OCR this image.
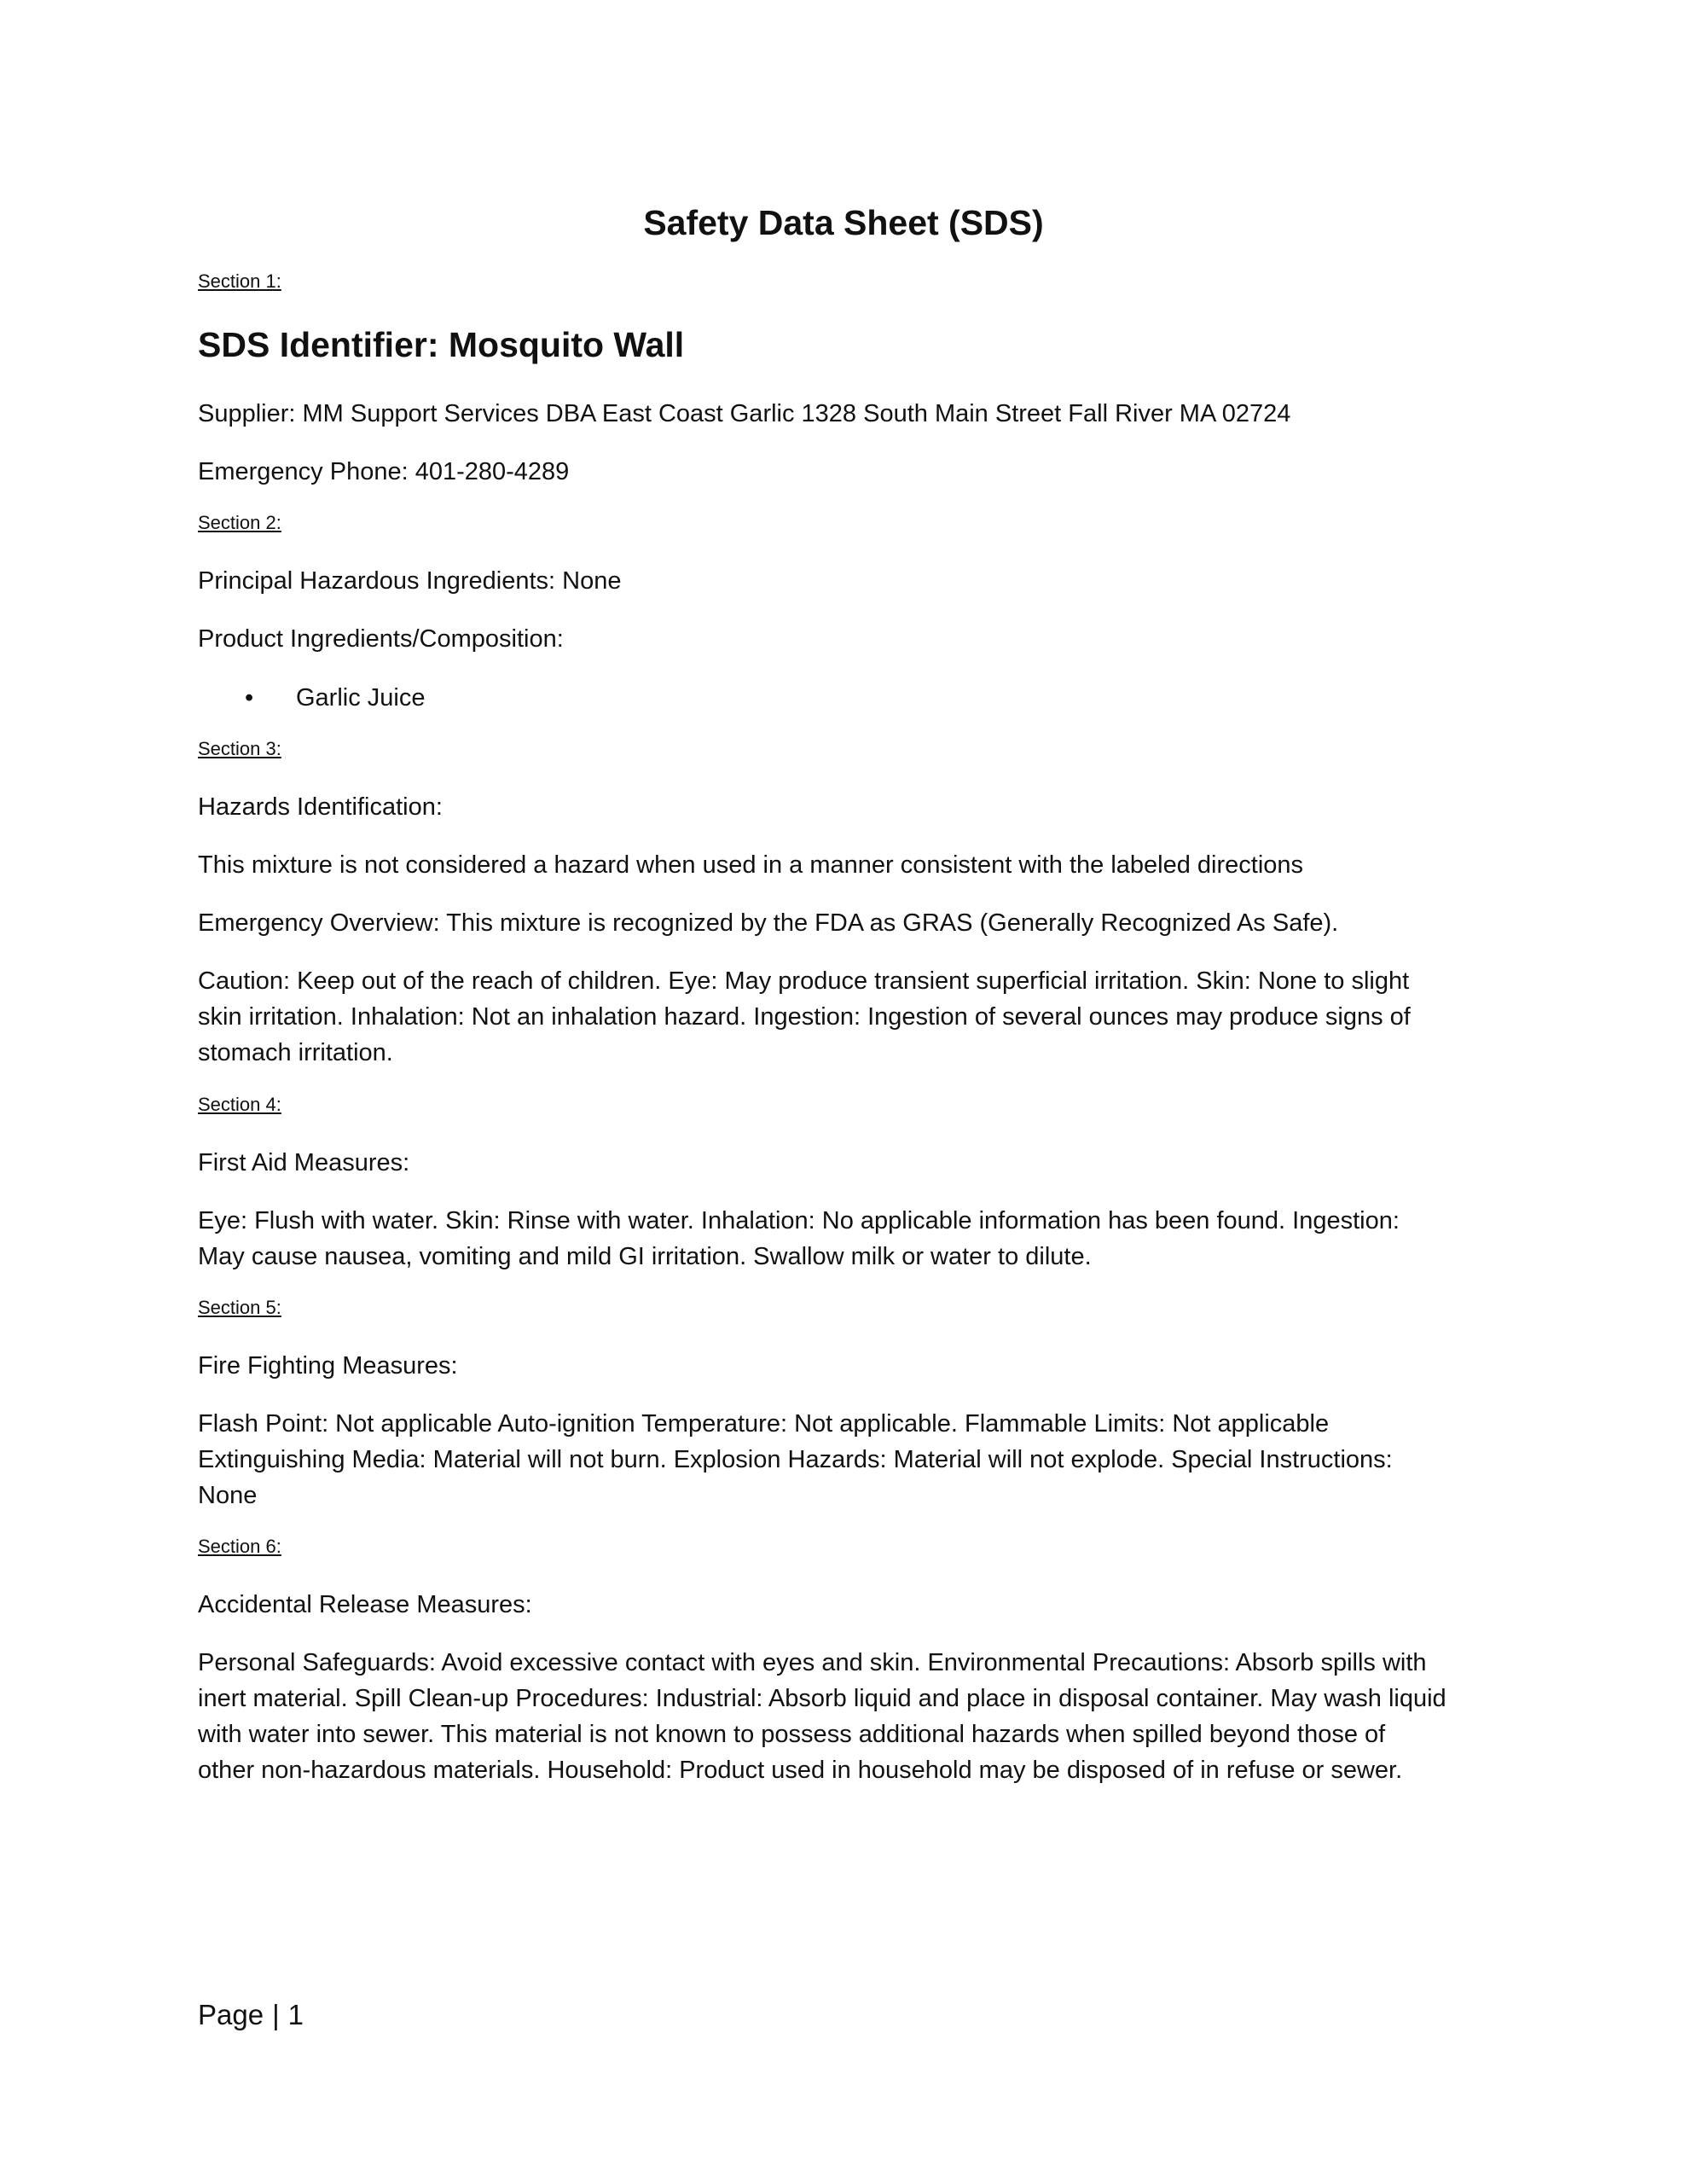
Safety Data Sheet (SDS)
Section 1:
SDS Identifier: Mosquito Wall
Supplier: MM Support Services DBA East Coast Garlic 1328 South Main Street Fall River MA 02724
Emergency Phone: 401-280-4289
Section 2:
Principal Hazardous Ingredients: None
Product Ingredients/Composition:
• Garlic Juice
Section 3:
Hazards Identification:
This mixture is not considered a hazard when used in a manner consistent with the labeled directions
Emergency Overview: This mixture is recognized by the FDA as GRAS (Generally Recognized As Safe).
Caution: Keep out of the reach of children. Eye: May produce transient superficial irritation. Skin: None to slight
skin irritation. Inhalation: Not an inhalation hazard. Ingestion: Ingestion of several ounces may produce signs of
stomach irritation.
Section 4:
First Aid Measures:
Eye: Flush with water. Skin: Rinse with water. Inhalation: No applicable information has been found. Ingestion:
May cause nausea, vomiting and mild GI irritation. Swallow milk or water to dilute.
Section 5:
Fire Fighting Measures:
Flash Point: Not applicable Auto-ignition Temperature: Not applicable. Flammable Limits: Not applicable
Extinguishing Media: Material will not burn. Explosion Hazards: Material will not explode. Special Instructions:
None
Section 6:
Accidental Release Measures:
Personal Safeguards: Avoid excessive contact with eyes and skin. Environmental Precautions: Absorb spills with
inert material. Spill Clean-up Procedures: Industrial: Absorb liquid and place in disposal container. May wash liquid
with water into sewer. This material is not known to possess additional hazards when spilled beyond those of
other non-hazardous materials. Household: Product used in household may be disposed of in refuse or sewer.
Page | 1
